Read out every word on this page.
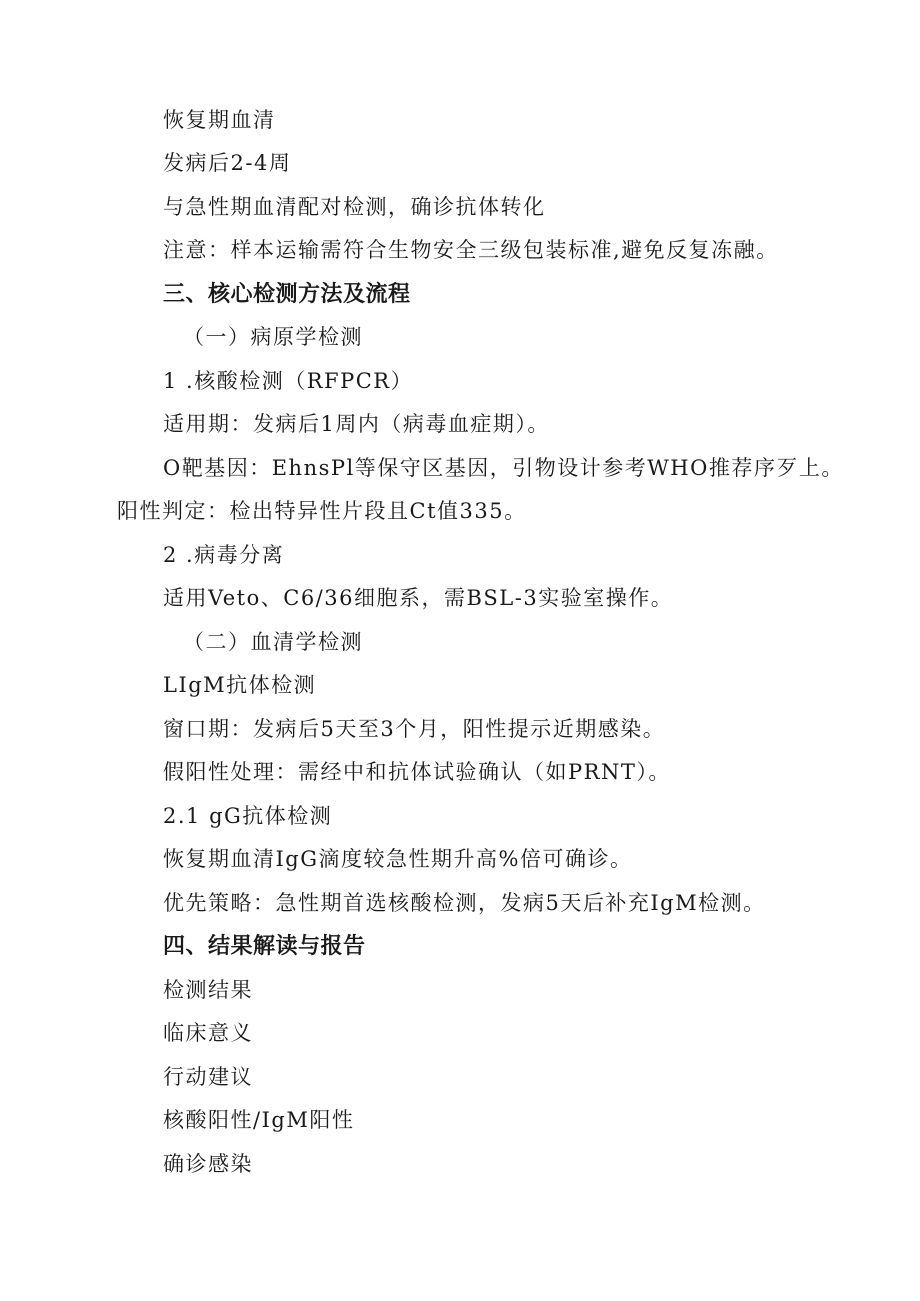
恢复期血清
发病后2-4周
与急性期血清配对检测，确诊抗体转化
注意：样本运输需符合生物安全三级包装标准,避免反复冻融。
三、核心检测方法及流程
（一）病原学检测
1 .核酸检测（RFPCR）
适用期：发病后1周内（病毒血症期）。
O靶基因：EhnsPl等保守区基因，引物设计参考WHO推荐序歹上。
阳性判定：检出特异性片段且Ct值335。
2 .病毒分离
适用Veto、C6/36细胞系，需BSL-3实验室操作。
（二）血清学检测
LIgM抗体检测
窗口期：发病后5天至3个月，阳性提示近期感染。
假阳性处理：需经中和抗体试验确认（如PRNT）。
2.1 gG抗体检测
恢复期血清IgG滴度较急性期升高%倍可确诊。
优先策略：急性期首选核酸检测，发病5天后补充IgM检测。
四、结果解读与报告
检测结果
临床意义
行动建议
核酸阳性/IgM阳性
确诊感染
